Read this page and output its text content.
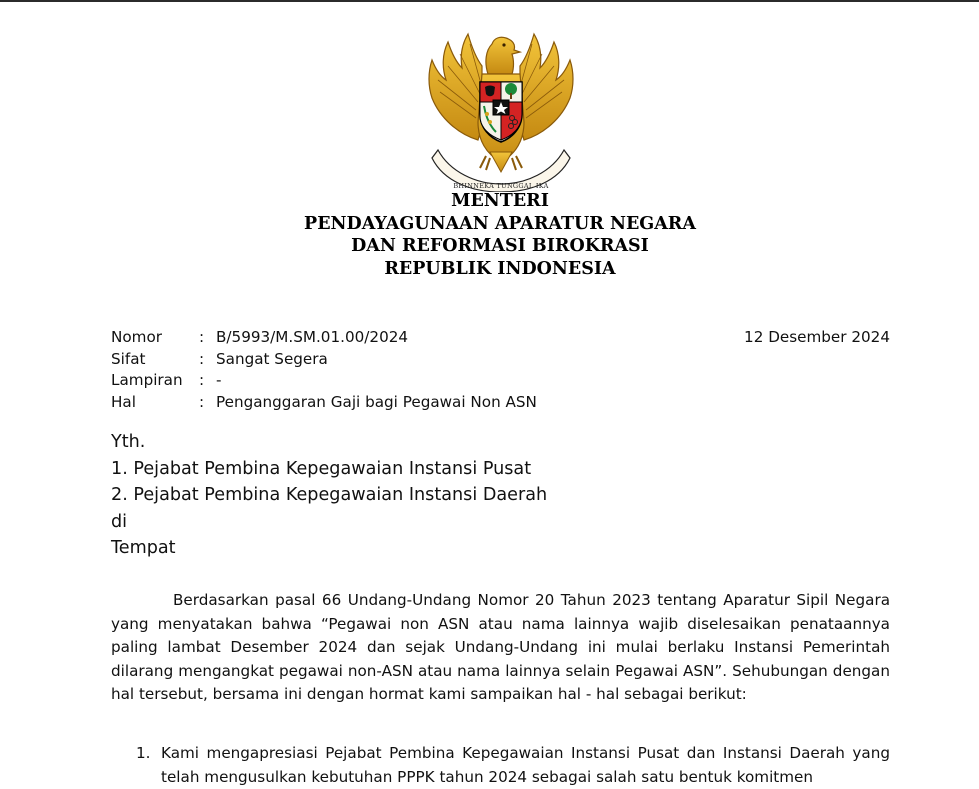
BHINNEKA TUNGGAL IKA
MENTERI
PENDAYAGUNAAN APARATUR NEGARA
DAN REFORMASI BIROKRASI
REPUBLIK INDONESIA
Nomor	: B/5993/M.SM.01.00/2024
Sifat	: Sangat Segera
Lampiran	: -
Hal	: Penganggaran Gaji bagi Pegawai Non ASN
12 Desember 2024
Yth.
1. Pejabat Pembina Kepegawaian Instansi Pusat
2. Pejabat Pembina Kepegawaian Instansi Daerah
di
Tempat

Berdasarkan pasal 66 Undang-Undang Nomor 20 Tahun 2023 tentang Aparatur Sipil Negara yang menyatakan bahwa “Pegawai non ASN atau nama lainnya wajib diselesaikan penataannya paling lambat Desember 2024 dan sejak Undang-Undang ini mulai berlaku Instansi Pemerintah dilarang mengangkat pegawai non-ASN atau nama lainnya selain Pegawai ASN”. Sehubungan dengan hal tersebut, bersama ini dengan hormat kami sampaikan hal - hal sebagai berikut:

1. Kami mengapresiasi Pejabat Pembina Kepegawaian Instansi Pusat dan Instansi Daerah yang telah mengusulkan kebutuhan PPPK tahun 2024 sebagai salah satu bentuk komitmen
